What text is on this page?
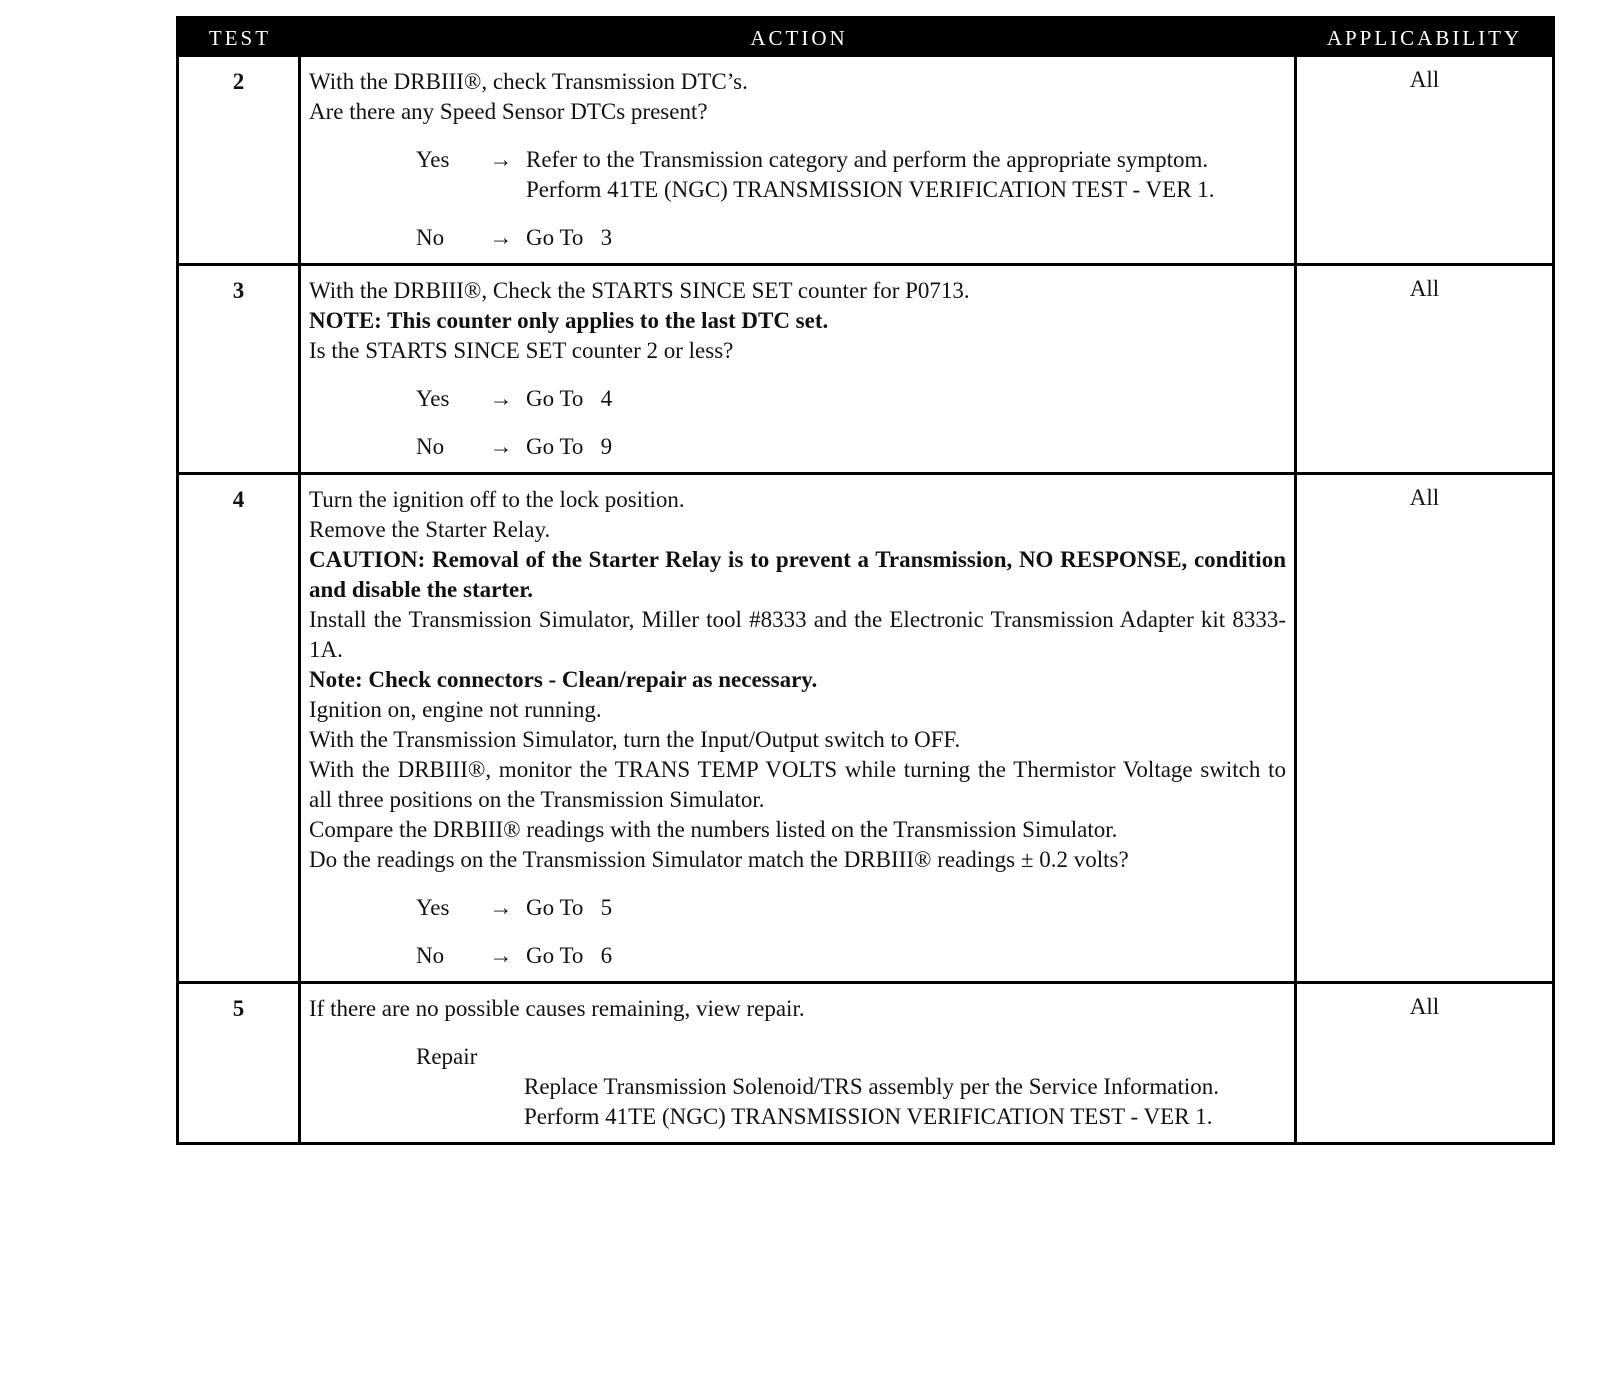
TEST	ACTION	APPLICABILITY
2	With the DRBIII®, check Transmission DTC’s.
Are there any Speed Sensor DTCs present?
Yes	→ Refer to the Transmission category and perform the appropriate symptom.
Perform 41TE (NGC) TRANSMISSION VERIFICATION TEST - VER 1.
No	→ Go To   3
All
3	With the DRBIII®, Check the STARTS SINCE SET counter for P0713.
NOTE: This counter only applies to the last DTC set.
Is the STARTS SINCE SET counter 2 or less?
Yes	→ Go To   4
No	→ Go To   9
All
4	Turn the ignition off to the lock position.
Remove the Starter Relay.
CAUTION: Removal of the Starter Relay is to prevent a Transmission, NO RESPONSE, condition and disable the starter.
Install the Transmission Simulator, Miller tool #8333 and the Electronic Transmission Adapter kit 8333-1A.
Note: Check connectors - Clean/repair as necessary.
Ignition on, engine not running.
With the Transmission Simulator, turn the Input/Output switch to OFF.
With the DRBIII®, monitor the TRANS TEMP VOLTS while turning the Thermistor Voltage switch to all three positions on the Transmission Simulator.
Compare the DRBIII® readings with the numbers listed on the Transmission Simulator.
Do the readings on the Transmission Simulator match the DRBIII® readings ± 0.2 volts?
Yes	→ Go To   5
No	→ Go To   6
All
5	If there are no possible causes remaining, view repair.
Repair
Replace Transmission Solenoid/TRS assembly per the Service Information.
Perform 41TE (NGC) TRANSMISSION VERIFICATION TEST - VER 1.
All
